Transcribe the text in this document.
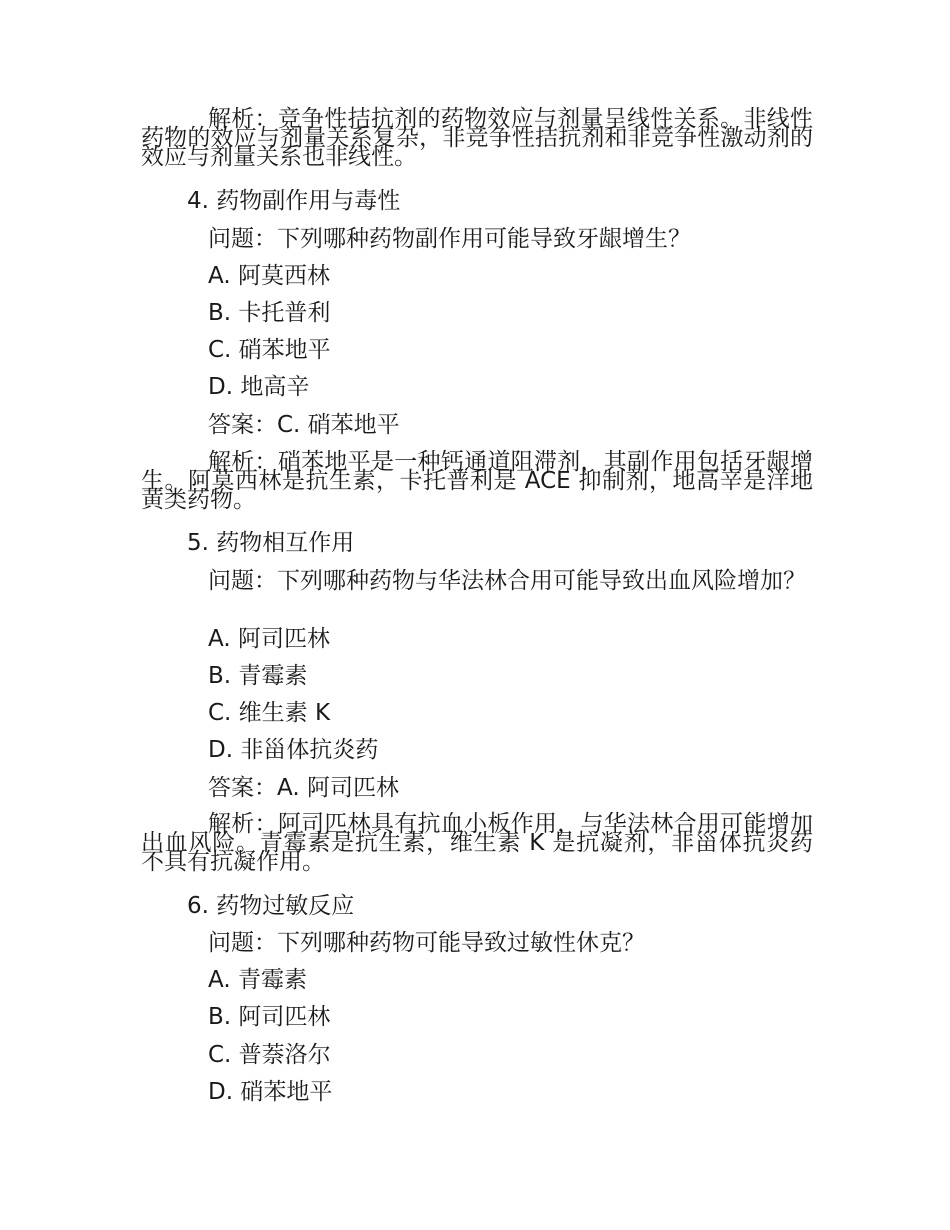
解析：竞争性拮抗剂的药物效应与剂量呈线性关系。非线性药物的效应与剂量关系复杂，非竞争性拮抗剂和非竞争性激动剂的效应与剂量关系也非线性。
4. 药物副作用与毒性
问题：下列哪种药物副作用可能导致牙龈增生？
A. 阿莫西林
B. 卡托普利
C. 硝苯地平
D. 地高辛
答案：C. 硝苯地平
解析：硝苯地平是一种钙通道阻滞剂，其副作用包括牙龈增生。阿莫西林是抗生素，卡托普利是 ACE 抑制剂，地高辛是洋地黄类药物。
5. 药物相互作用
问题：下列哪种药物与华法林合用可能导致出血风险增加？
A. 阿司匹林
B. 青霉素
C. 维生素 K
D. 非甾体抗炎药
答案：A. 阿司匹林
解析：阿司匹林具有抗血小板作用，与华法林合用可能增加出血风险。青霉素是抗生素，维生素 K 是抗凝剂，非甾体抗炎药不具有抗凝作用。
6. 药物过敏反应
问题：下列哪种药物可能导致过敏性休克？
A. 青霉素
B. 阿司匹林
C. 普萘洛尔
D. 硝苯地平
